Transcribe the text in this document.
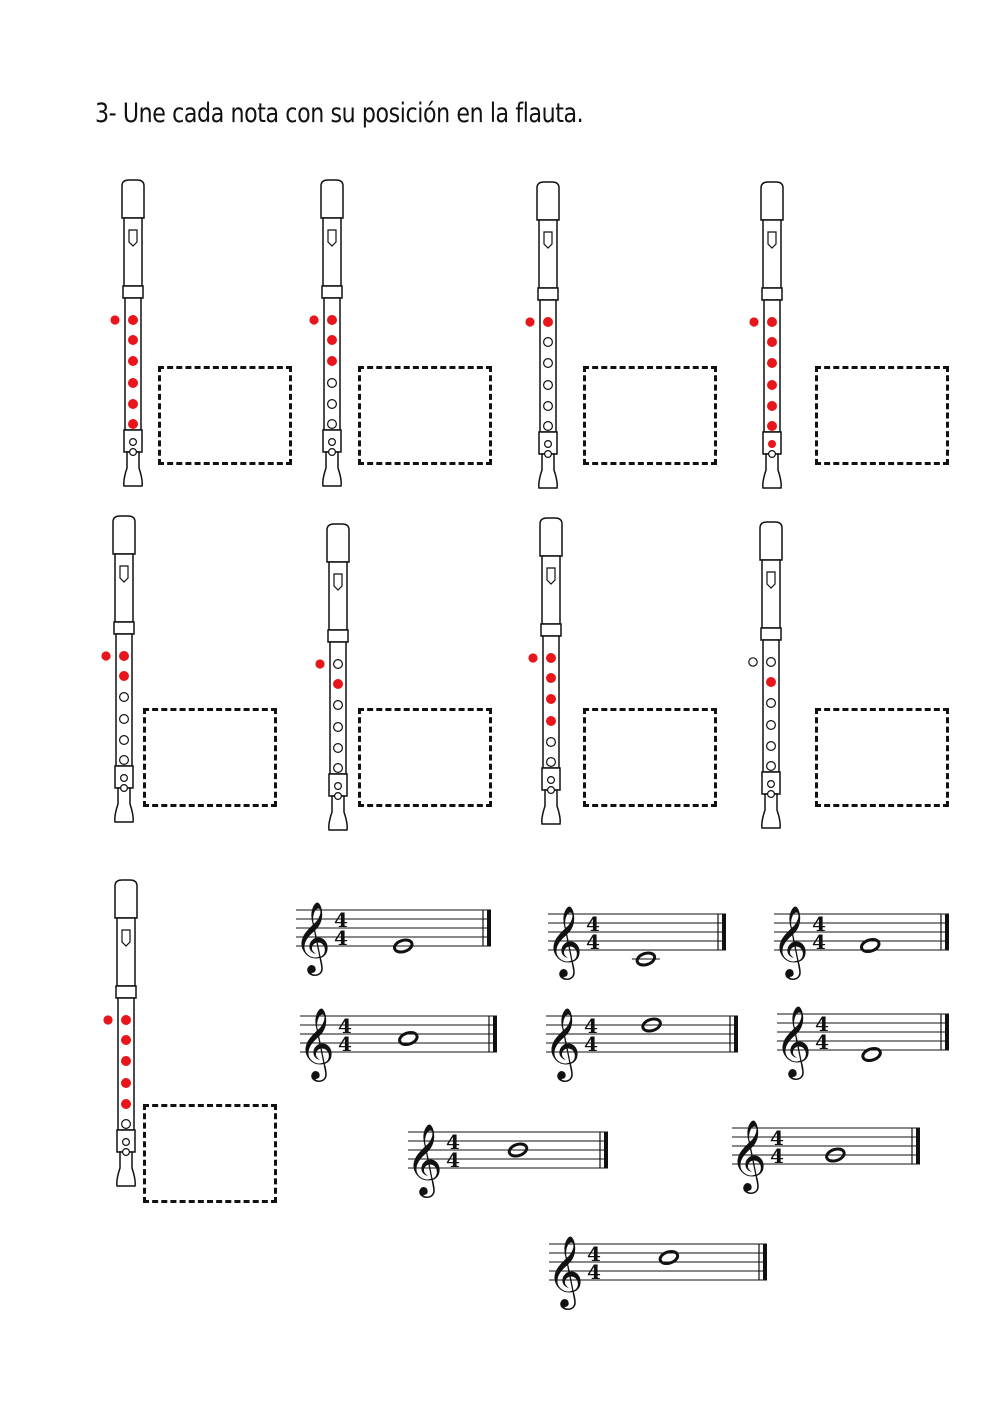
3- Une cada nota con su posición en la flauta.
𝄞 4
4	𝄞 4
4	𝄞 4
4
𝄞 4
4	𝄞 4
4	𝄞 4
4
𝄞 4
4	𝄞 4
4
𝄞 4
4
